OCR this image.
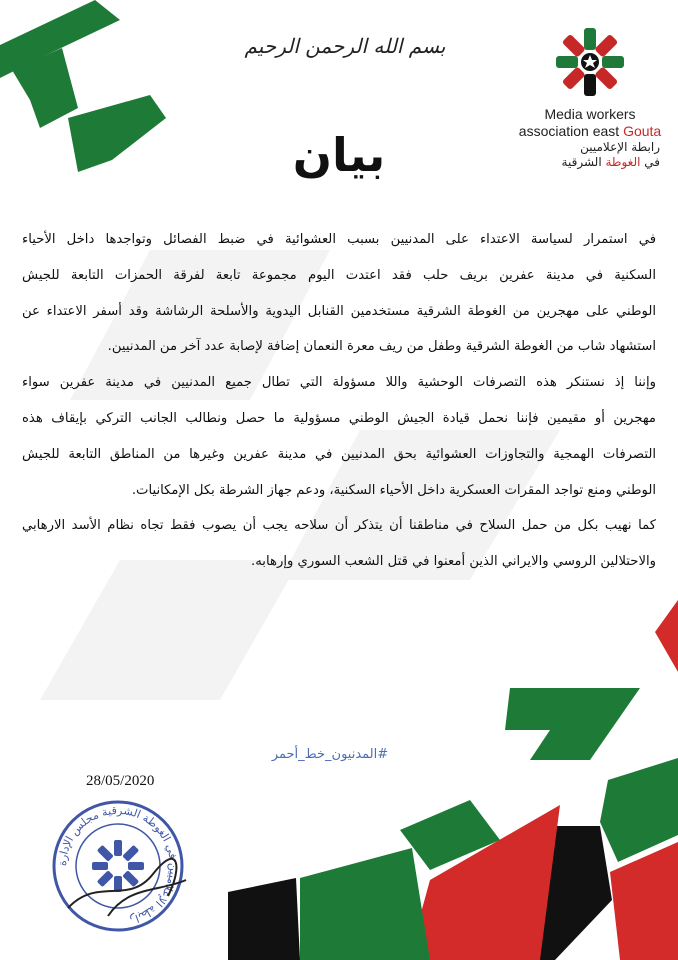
بسم الله الرحمن الرحيم
Media workers
association east Gouta
رابطة الإعلاميين
في الغوطة الشرقية
بيان
في استمرار لسياسة الاعتداء على المدنيين بسبب العشوائية في ضبط الفصائل وتواجدها داخل الأحياء
السكنية في مدينة عفرين بريف حلب فقد اعتدت اليوم مجموعة تابعة لفرقة الحمزات التابعة للجيش
الوطني على مهجرين من الغوطة الشرقية مستخدمين القنابل اليدوية والأسلحة الرشاشة وقد أسفر الاعتداء عن
استشهاد شاب من الغوطة الشرقية وطفل من ريف معرة النعمان إضافة لإصابة عدد آخر من المدنيين.
وإننا إذ نستنكر هذه التصرفات الوحشية واللا مسؤولة التي تطال جميع المدنيين في مدينة عفرين سواء
مهجرين أو مقيمين فإننا نحمل قيادة الجيش الوطني مسؤولية ما حصل ونطالب الجانب التركي بإيقاف هذه
التصرفات الهمجية والتجاوزات العشوائية بحق المدنيين في مدينة عفرين وغيرها من المناطق التابعة للجيش
الوطني ومنع تواجد المقرات العسكرية داخل الأحياء السكنية، ودعم جهاز الشرطة بكل الإمكانيات.
كما نهيب بكل من حمل السلاح في مناطقنا أن يتذكر أن سلاحه يجب أن يصوب فقط تجاه نظام الأسد الارهابي
والاحتلالين الروسي والايراني الذين أمعنوا في قتل الشعب السوري وإرهابه.
#المدنيون_خط_أحمر
28/05/2020
رابطة الإعلاميين في الغوطة الشرقية مجلس الإدارة
